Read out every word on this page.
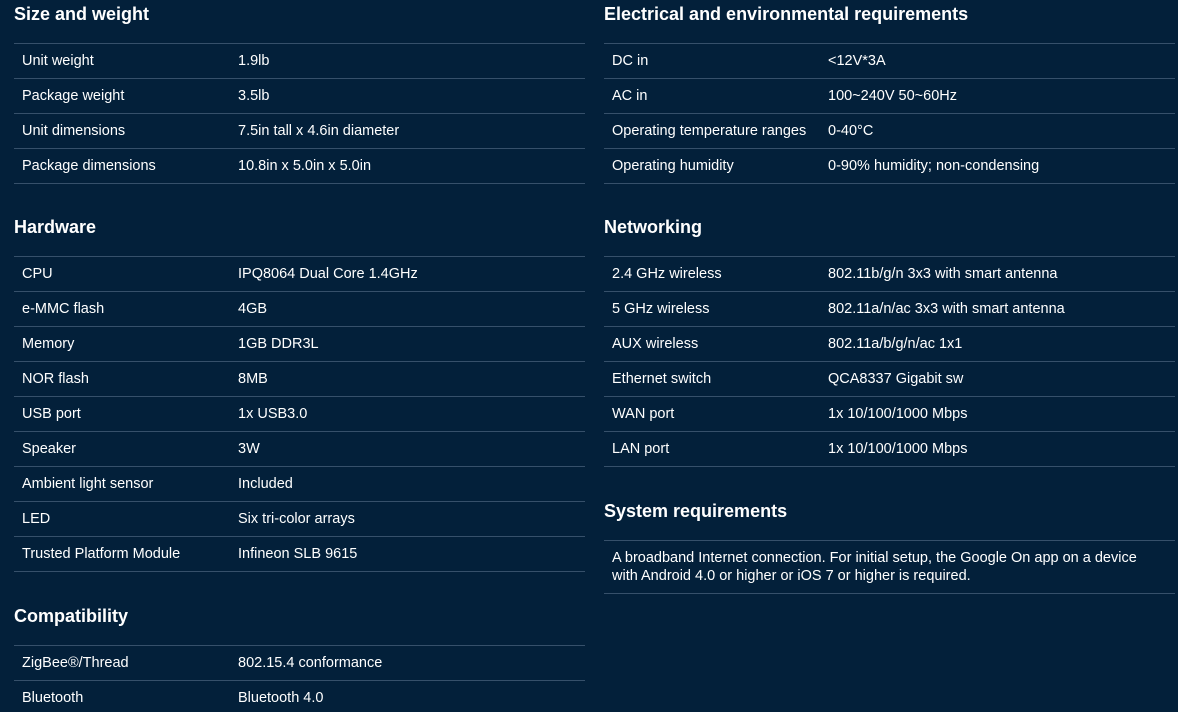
Size and weight
Unit weight	1.9lb
Package weight	3.5lb
Unit dimensions	7.5in tall x 4.6in diameter
Package dimensions	10.8in x 5.0in x 5.0in
Hardware
CPU	IPQ8064 Dual Core 1.4GHz
e-MMC flash	4GB
Memory	1GB DDR3L
NOR flash	8MB
USB port	1x USB3.0
Speaker	3W
Ambient light sensor	Included
LED	Six tri-color arrays
Trusted Platform Module	Infineon SLB 9615
Compatibility
ZigBee®/Thread	802.15.4 conformance
Bluetooth	Bluetooth 4.0
Electrical and environmental requirements
DC in	<12V*3A
AC in	100~240V 50~60Hz
Operating temperature ranges	0-40°C
Operating humidity	0-90% humidity; non-condensing
Networking
2.4 GHz wireless	802.11b/g/n 3x3 with smart antenna
5 GHz wireless	802.11a/n/ac 3x3 with smart antenna
AUX wireless	802.11a/b/g/n/ac 1x1
Ethernet switch	QCA8337 Gigabit sw
WAN port	1x 10/100/1000 Mbps
LAN port	1x 10/100/1000 Mbps
System requirements
A broadband Internet connection. For initial setup, the Google On app on a device with Android 4.0 or higher or iOS 7 or higher is required.
